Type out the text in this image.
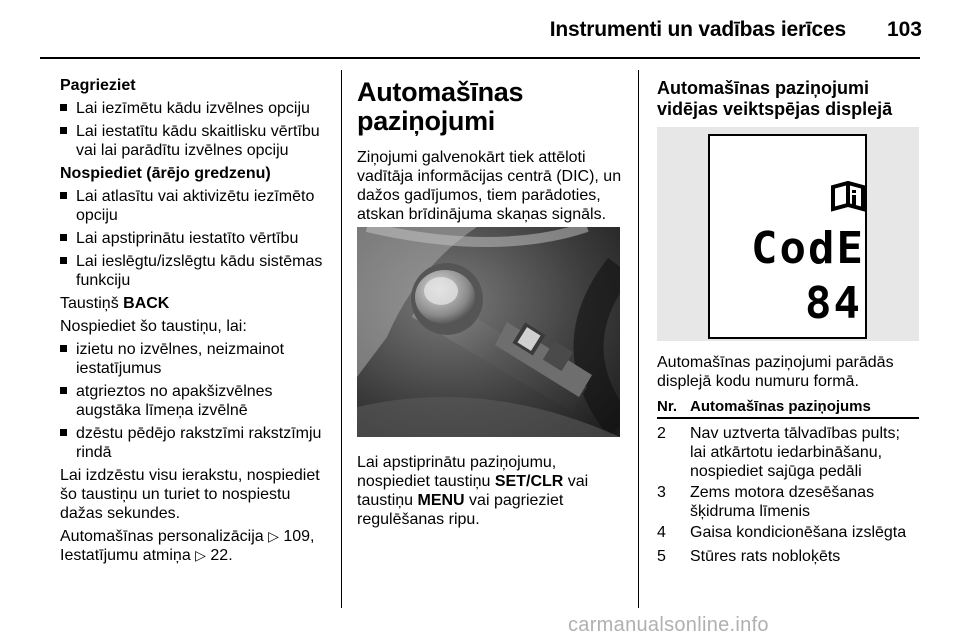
Instrumenti un vadības ierīces 103

Pagrieziet

Lai iezīmētu kādu izvēlnes opciju
Lai iestatītu kādu skaitlisku vērtību vai lai parādītu izvēlnes opciju

Nospiediet (ārējo gredzenu)

Lai atlasītu vai aktivizētu iezīmēto opciju
Lai apstiprinātu iestatīto vērtību
Lai ieslēgtu/izslēgtu kādu sistēmas funkciju

Taustiņš BACK

Nospiediet šo taustiņu, lai:

izietu no izvēlnes, neizmainot iestatījumus
atgrieztos no apakšizvēlnes augstāka līmeņa izvēlnē
dzēstu pēdējo rakstzīmi rakstzīmju rindā

Lai izdzēstu visu ierakstu, nospiediet šo taustiņu un turiet to nospiestu dažas sekundes.

Automašīnas personalizācija ▷ 109,
Iestatījumu atmiņa ▷ 22.

Automašīnas
paziņojumi

Ziņojumi galvenokārt tiek attēloti vadītāja informācijas centrā (DIC), un dažos gadījumos, tiem parādoties, atskan brīdinājuma skaņas signāls.

Lai apstiprinātu paziņojumu, nospiediet taustiņu SET/CLR vai taustiņu MENU vai pagrieziet regulēšanas ripu.

Automašīnas paziņojumi
vidējas veiktspējas displejā
CodE
84

Automašīnas paziņojumi parādās displejā kodu numuru formā.

Nr. Automašīnas paziņojums
2 Nav uztverta tālvadības pults; lai atkārtotu iedarbināšanu, nospiediet sajūga pedāli
3 Zems motora dzesēšanas šķidruma līmenis
4 Gaisa kondicionēšana izslēgta
5 Stūres rats nobloķēts
carmanualsonline.info
